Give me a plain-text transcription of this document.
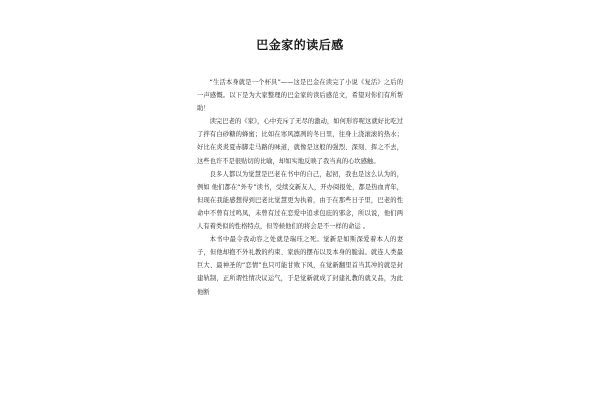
巴金家的读后感

“生活本身就是一个杯具”——这是巴金在读完了小说《复活》之后的一声感慨。以下是为大家整理的巴金家的读后感范文，希望对你们有所帮助！

读完巴老的《家》，心中充斥了无尽的激动，如何形容呢这就好比吃过了拌有白砂糖的蜂蜜；比如在寒风凛冽的冬日里，往身上浇滚滚的热水；好比在炎炎夏赤脚走马路的味道，就像是这般的强烈、深刻、挥之不去，这些也许不是很贴切的比喻，却如实地反映了我当真的心坎感触。

良多人都以为觉慧是巴老在书中的自己，起初，我也是这么认为的，例如 他们都在“外专”读书，受续交新友人，开办阅报处，都是热血青年，但现在我能感想得到巴老比觉慧更为执着，由于在那些日子里，巴老的性命中不曾有过鸣凤，未曾有过在恋爱中追求包庇的邪念，所以说，他们两人有着类似的性格特点，但等候他们的将会是不一样的命运 。

本书中最令我动容之处就是瑞珏之死。觉新是如斯深爱着本人的妻子，但他却抱不外礼教的约束、家族的摆布以及本身的脆弱。就连人类最巨大、最神圣的“恋情”也只可能甘败下风，在觉新翻里首当其冲的就是封建轨制，正所谓性情决议运气，于是觉新就成了封建礼教的就义品，为此他断
